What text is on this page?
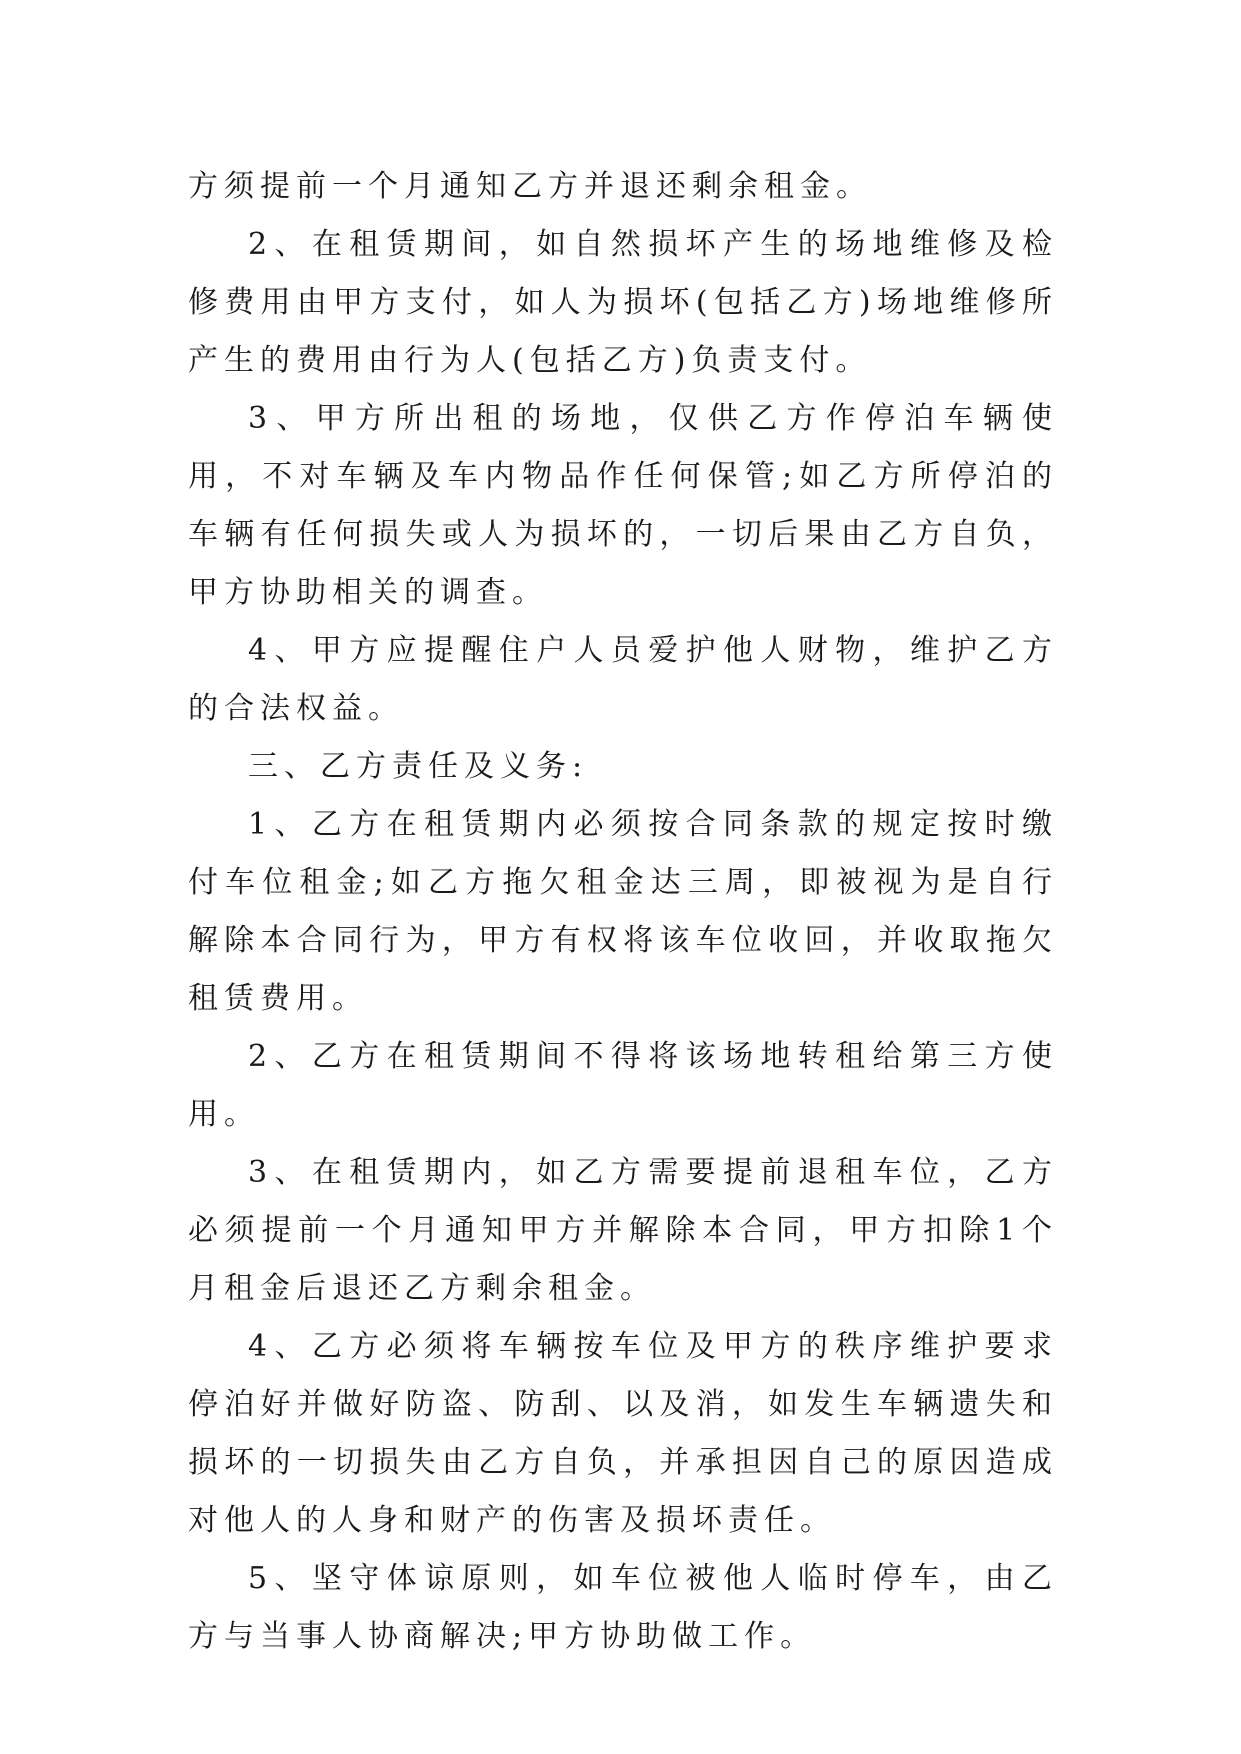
方须提前一个月通知乙方并退还剩余租金。

2、在租赁期间，如自然损坏产生的场地维修及检修费用由甲方支付，如人为损坏(包括乙方)场地维修所产生的费用由行为人(包括乙方)负责支付。

3、甲方所出租的场地，仅供乙方作停泊车辆使用，不对车辆及车内物品作任何保管;如乙方所停泊的车辆有任何损失或人为损坏的，一切后果由乙方自负，甲方协助相关的调查。

4、甲方应提醒住户人员爱护他人财物，维护乙方的合法权益。

三、乙方责任及义务:

1、乙方在租赁期内必须按合同条款的规定按时缴付车位租金;如乙方拖欠租金达三周，即被视为是自行解除本合同行为，甲方有权将该车位收回，并收取拖欠租赁费用。

2、乙方在租赁期间不得将该场地转租给第三方使用。

3、在租赁期内，如乙方需要提前退租车位，乙方必须提前一个月通知甲方并解除本合同，甲方扣除1个月租金后退还乙方剩余租金。

4、乙方必须将车辆按车位及甲方的秩序维护要求停泊好并做好防盗、防刮、以及消，如发生车辆遗失和损坏的一切损失由乙方自负，并承担因自己的原因造成对他人的人身和财产的伤害及损坏责任。

5、坚守体谅原则，如车位被他人临时停车，由乙方与当事人协商解决;甲方协助做工作。
